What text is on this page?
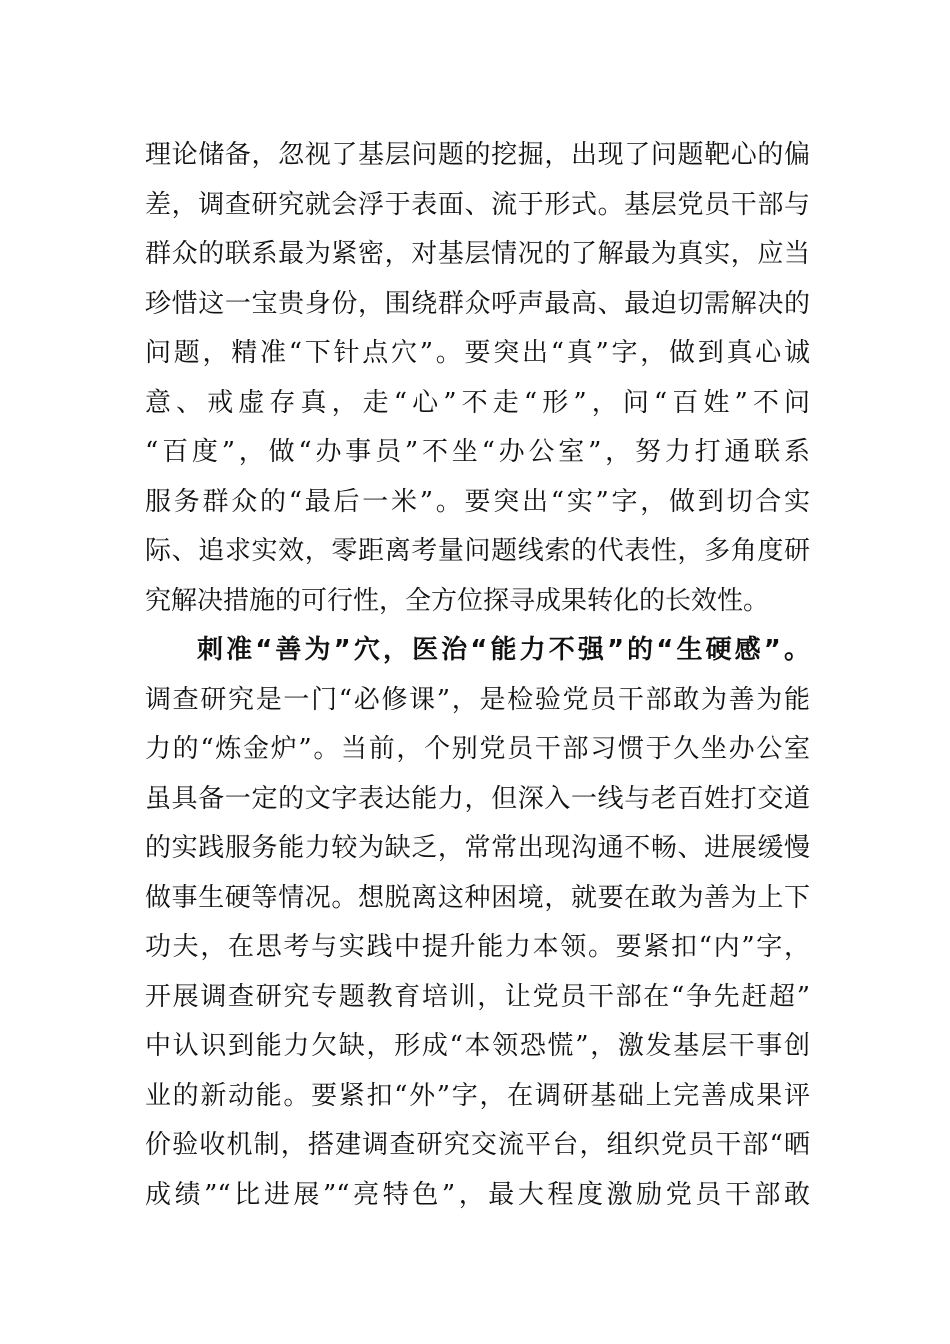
理论储备，忽视了基层问题的挖掘，出现了问题靶心的偏
差，调查研究就会浮于表面、流于形式。基层党员干部与
群众的联系最为紧密，对基层情况的了解最为真实，应当
珍惜这一宝贵身份，围绕群众呼声最高、最迫切需解决的
问题，精准“下针点穴”。要突出“真”字，做到真心诚
意、戒虚存真，走“心”不走“形”，问“百姓”不问
“百度”，做“办事员”不坐“办公室”，努力打通联系
服务群众的“最后一米”。要突出“实”字，做到切合实
际、追求实效，零距离考量问题线索的代表性，多角度研
究解决措施的可行性，全方位探寻成果转化的长效性。
刺准“善为”穴，医治“能力不强”的“生硬感”。
调查研究是一门“必修课”，是检验党员干部敢为善为能
力的“炼金炉”。当前，个别党员干部习惯于久坐办公室
虽具备一定的文字表达能力，但深入一线与老百姓打交道
的实践服务能力较为缺乏，常常出现沟通不畅、进展缓慢
做事生硬等情况。想脱离这种困境，就要在敢为善为上下
功夫，在思考与实践中提升能力本领。要紧扣“内”字，
开展调查研究专题教育培训，让党员干部在“争先赶超”
中认识到能力欠缺，形成“本领恐慌”，激发基层干事创
业的新动能。要紧扣“外”字，在调研基础上完善成果评
价验收机制，搭建调查研究交流平台，组织党员干部“晒
成绩”“比进展”“亮特色”，最大程度激励党员干部敢
